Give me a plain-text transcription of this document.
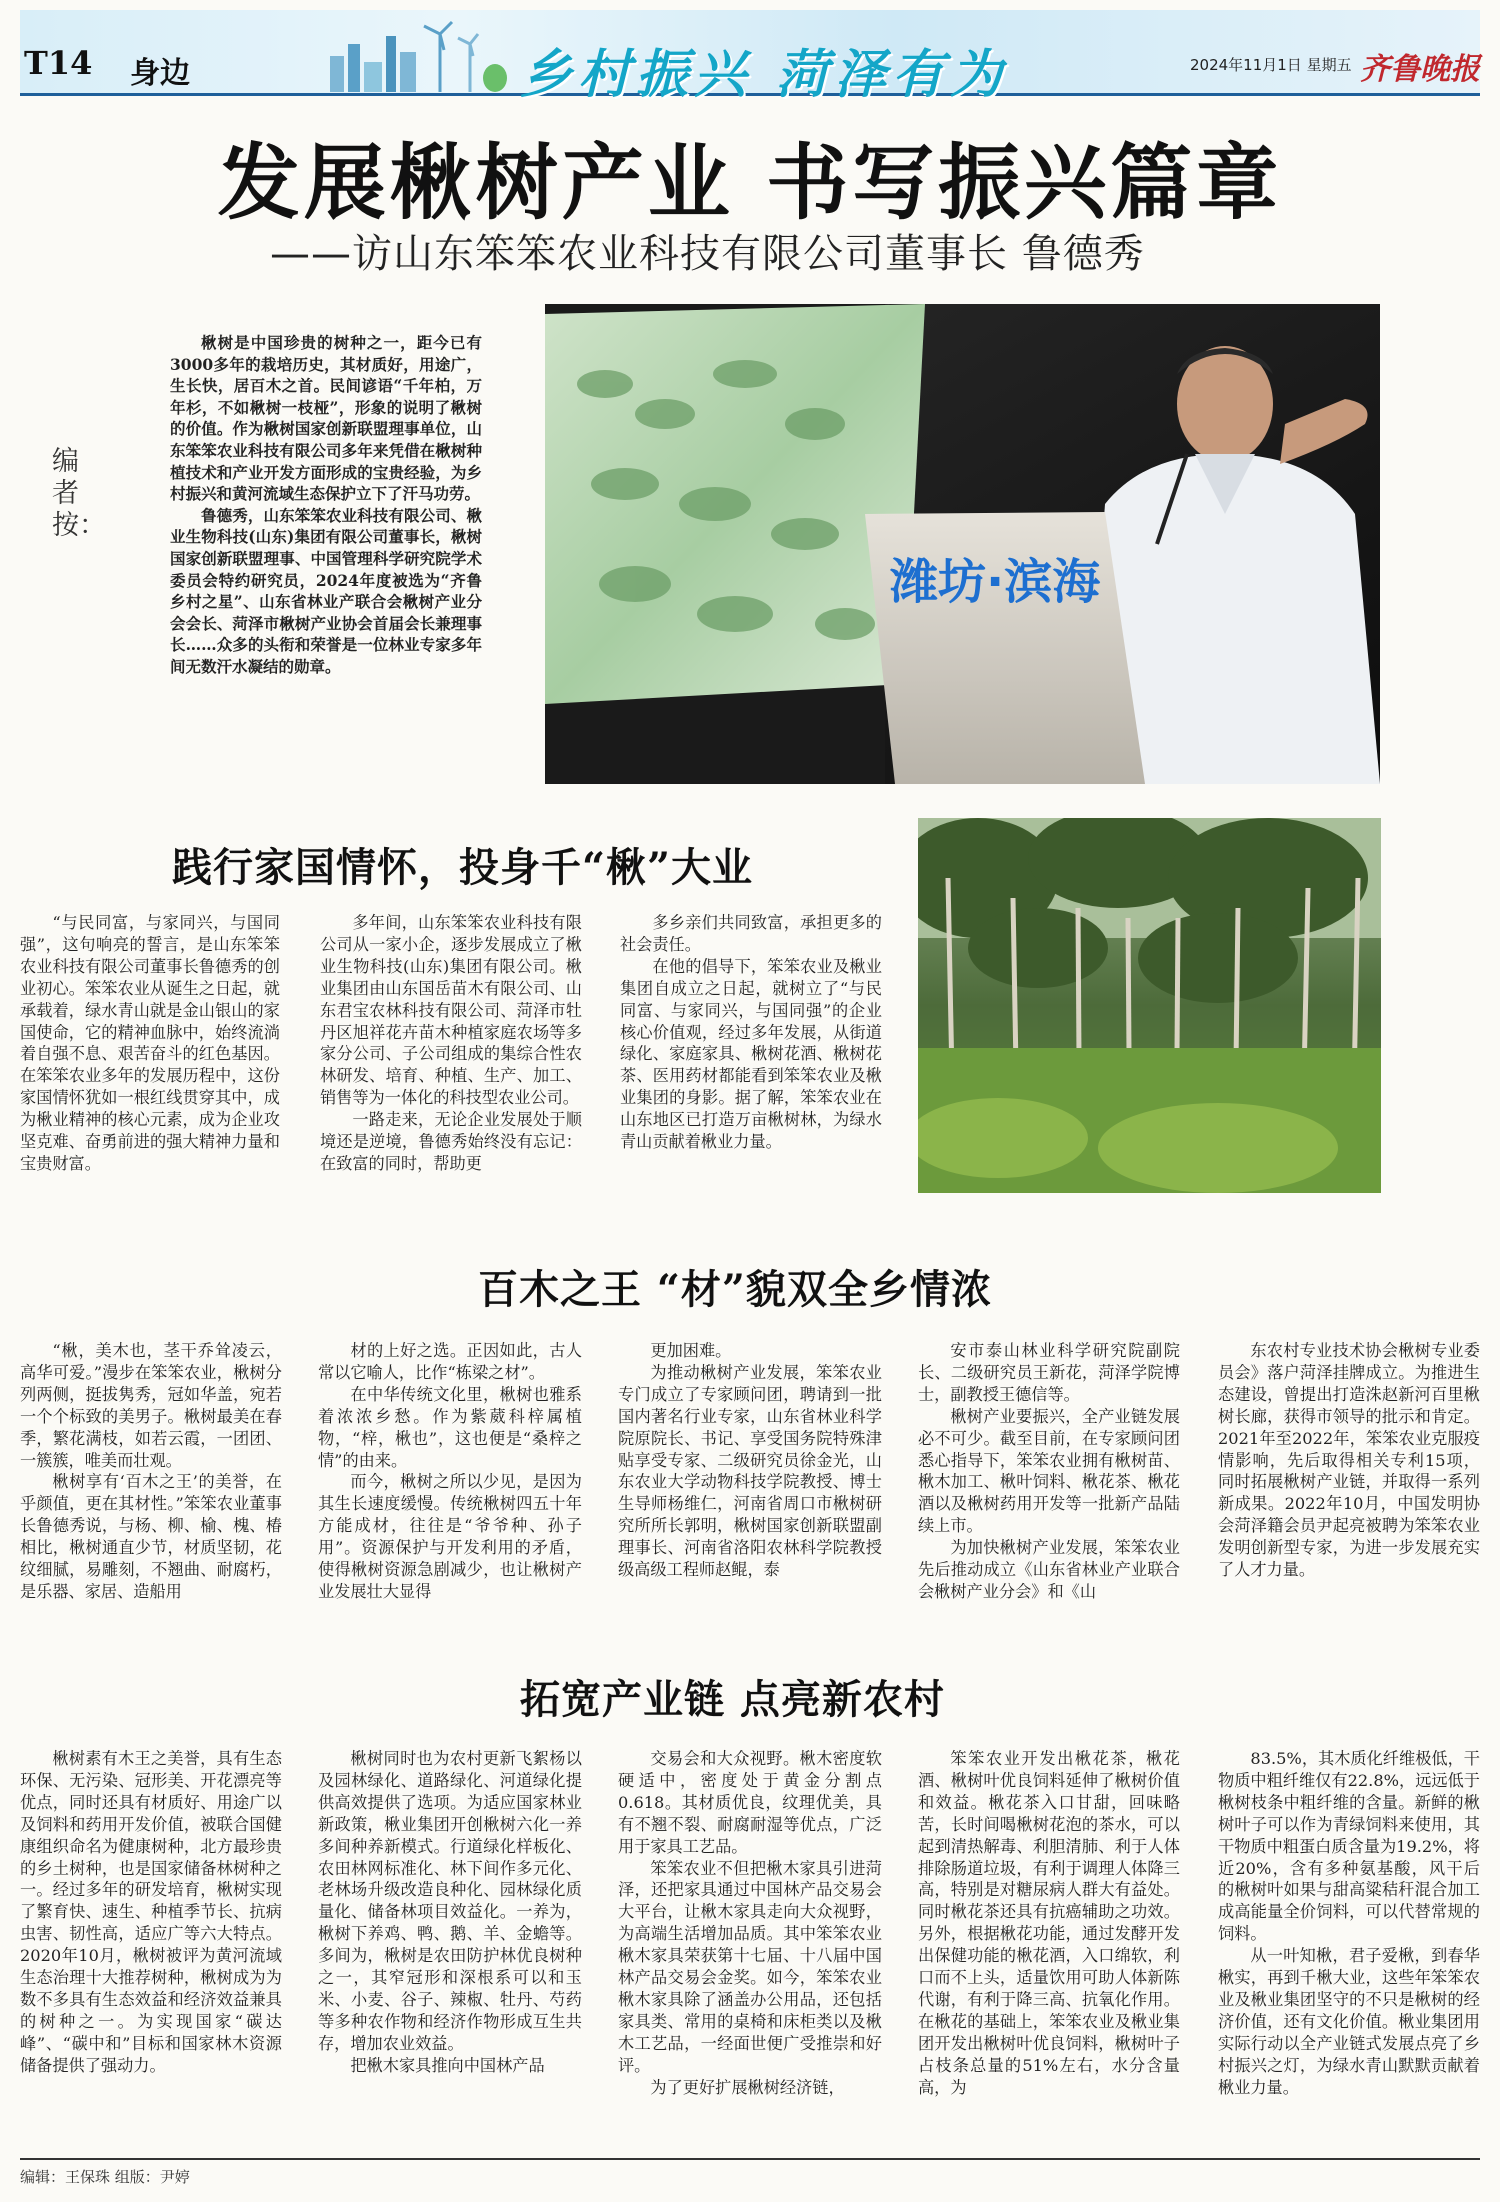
T14 身边	乡村振兴 菏泽有为	2024年11月1日 星期五 齐鲁晚报
发展楸树产业 书写振兴篇章
——访山东笨笨农业科技有限公司董事长 鲁德秀
编者按：

楸树是中国珍贵的树种之一，距今已有3000多年的栽培历史，其材质好，用途广，生长快，居百木之首。民间谚语“千年柏，万年杉，不如楸树一枝桠”，形象的说明了楸树的价值。作为楸树国家创新联盟理事单位，山东笨笨农业科技有限公司多年来凭借在楸树种植技术和产业开发方面形成的宝贵经验，为乡村振兴和黄河流域生态保护立下了汗马功劳。

鲁德秀，山东笨笨农业科技有限公司、楸业生物科技(山东)集团有限公司董事长，楸树国家创新联盟理事、中国管理科学研究院学术委员会特约研究员，2024年度被选为“齐鲁乡村之星”、山东省林业产联合会楸树产业分会会长、菏泽市楸树产业协会首届会长兼理事长……众多的头衔和荣誉是一位林业专家多年间无数汗水凝结的勋章。

潍坊·滨海
践行家国情怀，投身千“楸”大业

“与民同富，与家同兴，与国同强”，这句响亮的誓言，是山东笨笨农业科技有限公司董事长鲁德秀的创业初心。笨笨农业从诞生之日起，就承载着，绿水青山就是金山银山的家国使命，它的精神血脉中，始终流淌着自强不息、艰苦奋斗的红色基因。在笨笨农业多年的发展历程中，这份家国情怀犹如一根红线贯穿其中，成为楸业精神的核心元素，成为企业攻坚克难、奋勇前进的强大精神力量和宝贵财富。

多年间，山东笨笨农业科技有限公司从一家小企，逐步发展成立了楸业生物科技(山东)集团有限公司。楸业集团由山东国岳苗木有限公司、山东君宝农林科技有限公司、菏泽市牡丹区旭祥花卉苗木种植家庭农场等多家分公司、子公司组成的集综合性农林研发、培育、种植、生产、加工、销售等为一体化的科技型农业公司。

一路走来，无论企业发展处于顺境还是逆境，鲁德秀始终没有忘记：在致富的同时，帮助更

多乡亲们共同致富，承担更多的社会责任。

在他的倡导下，笨笨农业及楸业集团自成立之日起，就树立了“与民同富、与家同兴，与国同强”的企业核心价值观，经过多年发展，从街道绿化、家庭家具、楸树花酒、楸树花茶、医用药材都能看到笨笨农业及楸业集团的身影。据了解，笨笨农业在山东地区已打造万亩楸树林，为绿水青山贡献着楸业力量。

百木之王 “材”貌双全乡情浓

“楸，美木也，茎干乔耸凌云，高华可爱。”漫步在笨笨农业，楸树分列两侧，挺拔隽秀，冠如华盖，宛若一个个标致的美男子。楸树最美在春季，繁花满枝，如若云霞，一团团、一簇簇，唯美而壮观。

楸树享有‘百木之王’的美誉，在乎颜值，更在其材性。”笨笨农业董事长鲁德秀说，与杨、柳、榆、槐、椿相比，楸树通直少节，材质坚韧，花纹细腻，易雕刻，不翘曲、耐腐朽，是乐器、家居、造船用

材的上好之选。正因如此，古人常以它喻人，比作“栋梁之材”。

在中华传统文化里，楸树也雅系着浓浓乡愁。作为紫葳科梓属植物，“梓，楸也”，这也便是“桑梓之情”的由来。

而今，楸树之所以少见，是因为其生长速度缓慢。传统楸树四五十年方能成材，往往是“爷爷种、孙子用”。资源保护与开发利用的矛盾，使得楸树资源急剧减少，也让楸树产业发展壮大显得

更加困难。

为推动楸树产业发展，笨笨农业专门成立了专家顾问团，聘请到一批国内著名行业专家，山东省林业科学院原院长、书记、享受国务院特殊津贴享受专家、二级研究员徐金光，山东农业大学动物科技学院教授、博士生导师杨维仁，河南省周口市楸树研究所所长郭明，楸树国家创新联盟副理事长、河南省洛阳农林科学院教授级高级工程师赵鲲，泰

安市泰山林业科学研究院副院长、二级研究员王新花，菏泽学院博士，副教授王德信等。

楸树产业要振兴，全产业链发展必不可少。截至目前，在专家顾问团悉心指导下，笨笨农业拥有楸树苗、楸木加工、楸叶饲料、楸花茶、楸花酒以及楸树药用开发等一批新产品陆续上市。

为加快楸树产业发展，笨笨农业先后推动成立《山东省林业产业联合会楸树产业分会》和《山

东农村专业技术协会楸树专业委员会》落户菏泽挂牌成立。为推进生态建设，曾提出打造洙赵新河百里楸树长廊，获得市领导的批示和肯定。2021年至2022年，笨笨农业克服疫情影响，先后取得相关专利15项，同时拓展楸树产业链，并取得一系列新成果。2022年10月，中国发明协会菏泽籍会员尹起亮被聘为笨笨农业发明创新型专家，为进一步发展充实了人才力量。

拓宽产业链 点亮新农村

楸树素有木王之美誉，具有生态环保、无污染、冠形美、开花漂亮等优点，同时还具有材质好、用途广以及饲料和药用开发价值，被联合国健康组织命名为健康树种，北方最珍贵的乡土树种，也是国家储备林树种之一。经过多年的研发培育，楸树实现了繁育快、速生、种植季节长、抗病虫害、韧性高，适应广等六大特点。2020年10月，楸树被评为黄河流域生态治理十大推荐树种，楸树成为为数不多具有生态效益和经济效益兼具的树种之一。为实现国家“碳达峰”、“碳中和”目标和国家林木资源储备提供了强动力。

楸树同时也为农村更新飞絮杨以及园林绿化、道路绿化、河道绿化提供高效提供了选项。为适应国家林业新政策，楸业集团开创楸树六化一养多间种养新模式。行道绿化样板化、农田林网标准化、林下间作多元化、老林场升级改造良种化、园林绿化质量化、储备林项目效益化。一养为，楸树下养鸡、鸭、鹅、羊、金蟾等。多间为，楸树是农田防护林优良树种之一，其窄冠形和深根系可以和玉米、小麦、谷子、辣椒、牡丹、芍药等多种农作物和经济作物形成互生共存，增加农业效益。

把楸木家具推向中国林产品

交易会和大众视野。楸木密度软硬适中，密度处于黄金分割点0.618。其材质优良，纹理优美，具有不翘不裂、耐腐耐湿等优点，广泛用于家具工艺品。

笨笨农业不但把楸木家具引进菏泽，还把家具通过中国林产品交易会大平台，让楸木家具走向大众视野，为高端生活增加品质。其中笨笨农业楸木家具荣获第十七届、十八届中国林产品交易会金奖。如今，笨笨农业楸木家具除了涵盖办公用品，还包括家具类、常用的桌椅和床柜类以及楸木工艺品，一经面世便广受推崇和好评。

为了更好扩展楸树经济链，

笨笨农业开发出楸花茶，楸花酒、楸树叶优良饲料延伸了楸树价值和效益。楸花茶入口甘甜，回味略苦，长时间喝楸树花泡的茶水，可以起到清热解毒、利胆清肺、利于人体排除肠道垃圾，有利于调理人体降三高，特别是对糖尿病人群大有益处。同时楸花茶还具有抗癌辅助之功效。另外，根据楸花功能，通过发酵开发出保健功能的楸花酒，入口绵软，利口而不上头，适量饮用可助人体新陈代谢，有利于降三高、抗氧化作用。在楸花的基础上，笨笨农业及楸业集团开发出楸树叶优良饲料，楸树叶子占枝条总量的51%左右，水分含量高，为

83.5%，其木质化纤维极低，干物质中粗纤维仅有22.8%，远远低于楸树枝条中粗纤维的含量。新鲜的楸树叶子可以作为青绿饲料来使用，其干物质中粗蛋白质含量为19.2%，将近20%，含有多种氨基酸，风干后的楸树叶如果与甜高粱秸秆混合加工成高能量全价饲料，可以代替常规的饲料。

从一叶知楸，君子爱楸，到春华楸实，再到千楸大业，这些年笨笨农业及楸业集团坚守的不只是楸树的经济价值，还有文化价值。楸业集团用实际行动以全产业链式发展点亮了乡村振兴之灯，为绿水青山默默贡献着楸业力量。

编辑：王保珠 组版：尹婷
